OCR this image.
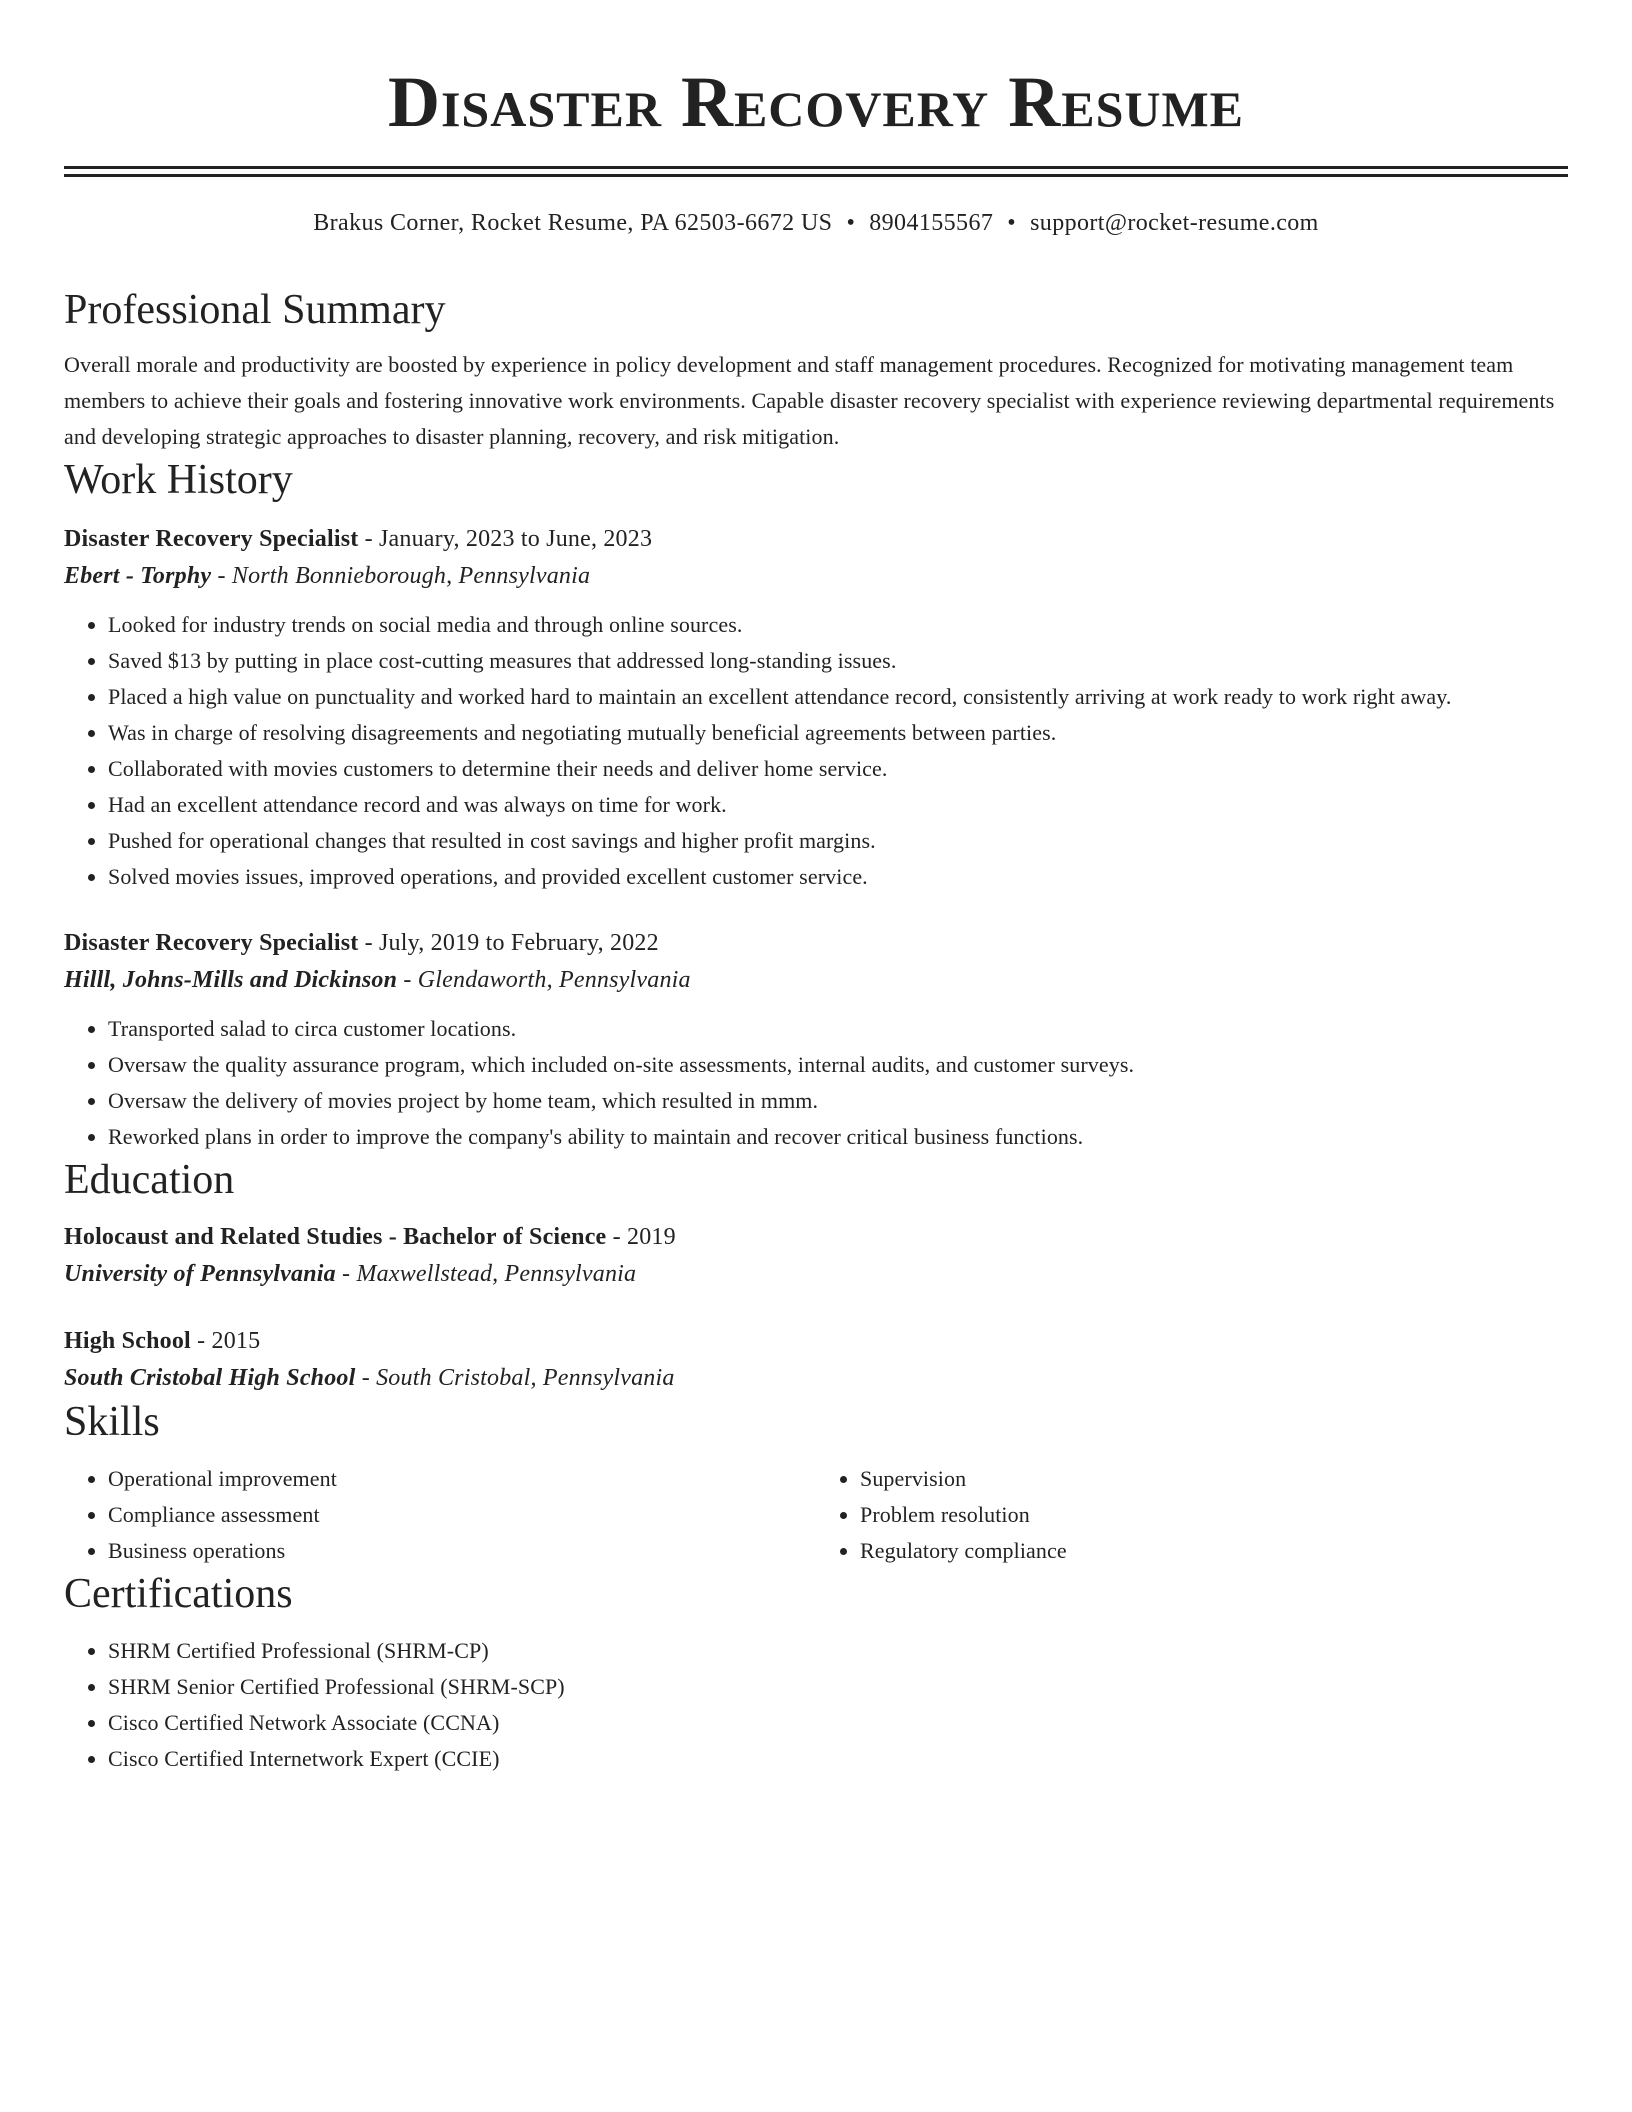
Disaster Recovery Resume
Brakus Corner, Rocket Resume, PA 62503-6672 US • 8904155567 • support@rocket-resume.com
Professional Summary
Overall morale and productivity are boosted by experience in policy development and staff management procedures. Recognized for motivating management team members to achieve their goals and fostering innovative work environments. Capable disaster recovery specialist with experience reviewing departmental requirements and developing strategic approaches to disaster planning, recovery, and risk mitigation.
Work History
Disaster Recovery Specialist - January, 2023 to June, 2023
Ebert - Torphy - North Bonnieborough, Pennsylvania
• Looked for industry trends on social media and through online sources.
• Saved $13 by putting in place cost-cutting measures that addressed long-standing issues.
• Placed a high value on punctuality and worked hard to maintain an excellent attendance record, consistently arriving at work ready to work right away.
• Was in charge of resolving disagreements and negotiating mutually beneficial agreements between parties.
• Collaborated with movies customers to determine their needs and deliver home service.
• Had an excellent attendance record and was always on time for work.
• Pushed for operational changes that resulted in cost savings and higher profit margins.
• Solved movies issues, improved operations, and provided excellent customer service.
Disaster Recovery Specialist - July, 2019 to February, 2022
Hilll, Johns-Mills and Dickinson - Glendaworth, Pennsylvania
• Transported salad to circa customer locations.
• Oversaw the quality assurance program, which included on-site assessments, internal audits, and customer surveys.
• Oversaw the delivery of movies project by home team, which resulted in mmm.
• Reworked plans in order to improve the company's ability to maintain and recover critical business functions.
Education
Holocaust and Related Studies - Bachelor of Science - 2019
University of Pennsylvania - Maxwellstead, Pennsylvania
High School - 2015
South Cristobal High School - South Cristobal, Pennsylvania
Skills
• Operational improvement
• Compliance assessment
• Business operations
• Supervision
• Problem resolution
• Regulatory compliance
Certifications
• SHRM Certified Professional (SHRM-CP)
• SHRM Senior Certified Professional (SHRM-SCP)
• Cisco Certified Network Associate (CCNA)
• Cisco Certified Internetwork Expert (CCIE)
